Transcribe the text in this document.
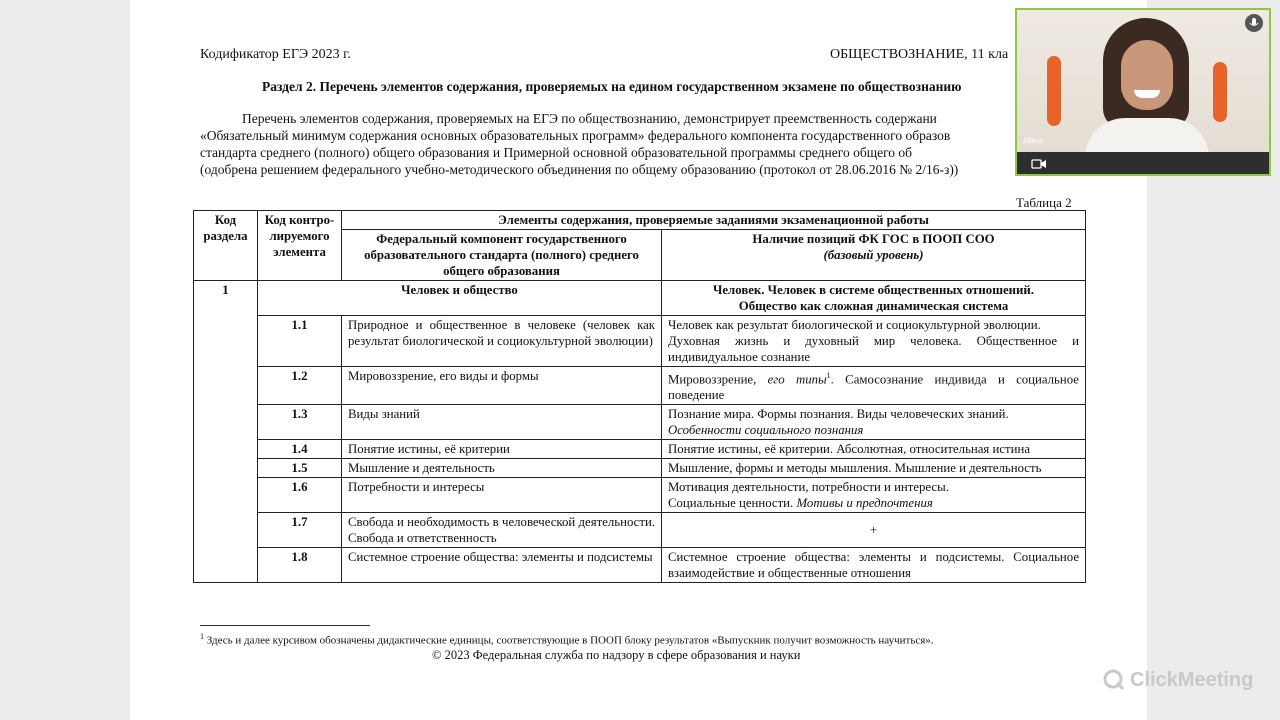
Кодификатор ЕГЭ 2023 г.	ОБЩЕСТВОЗНАНИЕ, 11 кла
Раздел 2. Перечень элементов содержания, проверяемых на едином государственном экзамене по обществознанию

Перечень элементов содержания, проверяемых на ЕГЭ по обществознанию, демонстрирует преемственность содержани

«Обязательный минимум содержания основных образовательных программ» федерального компонента государственного образов

стандарта среднего (полного) общего образования и Примерной основной образовательной программы среднего общего об

(одобрена решением федерального учебно-методического объединения по общему образованию (протокол от 28.06.2016 № 2/16-з))

Таблица 2
Код раздела	Код контро-лируемого элемента	Элементы содержания, проверяемые заданиями экзаменационной работы	
		Федеральный компонент государственного образовательного стандарта (полного) среднего общего образования	Наличие позиций ФК ГОС в ПООП СОО
(базовый уровень)

1	Человек и общество		Человек. Человек в системе общественных отношений.
Общество как сложная динамическая система

	1.1	Природное и общественное в человеке (человек как результат биологической и социокультурной эволюции)	Человек как результат биологической и социокультурной эволюции.
Духовная жизнь и духовный мир человека. Общественное и индивидуальное сознание

	1.2	Мировоззрение, его виды и формы	Мировоззрение, его типы$^1$. Самосознание индивида и социальное поведение
	1.3	Виды знаний	Познание мира. Формы познания. Виды человеческих знаний.
Особенности социального познания

	1.4	Понятие истины, её критерии	Понятие истины, её критерии. Абсолютная, относительная истина
	1.5	Мышление и деятельность	Мышление, формы и методы мышления. Мышление и деятельность
	1.6	Потребности и интересы	Мотивация деятельности, потребности и интересы.
Социальные ценности. Мотивы и предпочтения

	1.7	Свобода и необходимость в человеческой деятельности. Свобода и ответственность	+
	1.8	Системное строение общества: элементы и подсистемы	Системное строение общества: элементы и подсистемы. Социальное взаимодействие и общественные отношения
$^1$ Здесь и далее курсивом обозначены дидактические единицы, соответствующие в ПООП блоку результатов «Выпускник получит возможность научиться».
© 2023 Федеральная служба по надзору в сфере образования и науки
Albina
ClickMeeting
